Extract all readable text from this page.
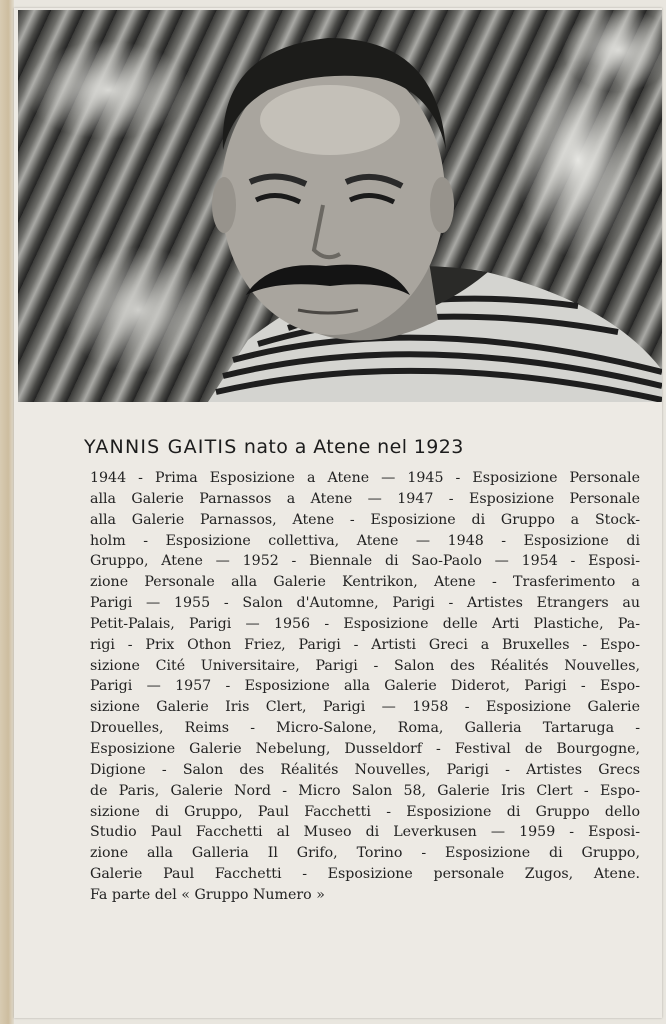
YANNIS GAITIS nato a Atene nel 1923
1944 - Prima Esposizione a Atene — 1945 - Esposizione Personale
alla Galerie Parnassos a Atene — 1947 - Esposizione Personale
alla Galerie Parnassos, Atene - Esposizione di Gruppo a Stock-
holm - Esposizione collettiva, Atene — 1948 - Esposizione di
Gruppo, Atene — 1952 - Biennale di Sao-Paolo — 1954 - Esposi-
zione Personale alla Galerie Kentrikon, Atene - Trasferimento a
Parigi — 1955 - Salon d'Automne, Parigi - Artistes Etrangers au
Petit-Palais, Parigi — 1956 - Esposizione delle Arti Plastiche, Pa-
rigi - Prix Othon Friez, Parigi - Artisti Greci a Bruxelles - Espo-
sizione Cité Universitaire, Parigi - Salon des Réalités Nouvelles,
Parigi — 1957 - Esposizione alla Galerie Diderot, Parigi - Espo-
sizione Galerie Iris Clert, Parigi — 1958 - Esposizione Galerie
Drouelles, Reims - Micro-Salone, Roma, Galleria Tartaruga -
Esposizione Galerie Nebelung, Dusseldorf - Festival de Bourgogne,
Digione - Salon des Réalités Nouvelles, Parigi - Artistes Grecs
de Paris, Galerie Nord - Micro Salon 58, Galerie Iris Clert - Espo-
sizione di Gruppo, Paul Facchetti - Esposizione di Gruppo dello
Studio Paul Facchetti al Museo di Leverkusen — 1959 - Esposi-
zione alla Galleria Il Grifo, Torino - Esposizione di Gruppo,
Galerie Paul Facchetti - Esposizione personale Zugos, Atene.
Fa parte del « Gruppo Numero »
